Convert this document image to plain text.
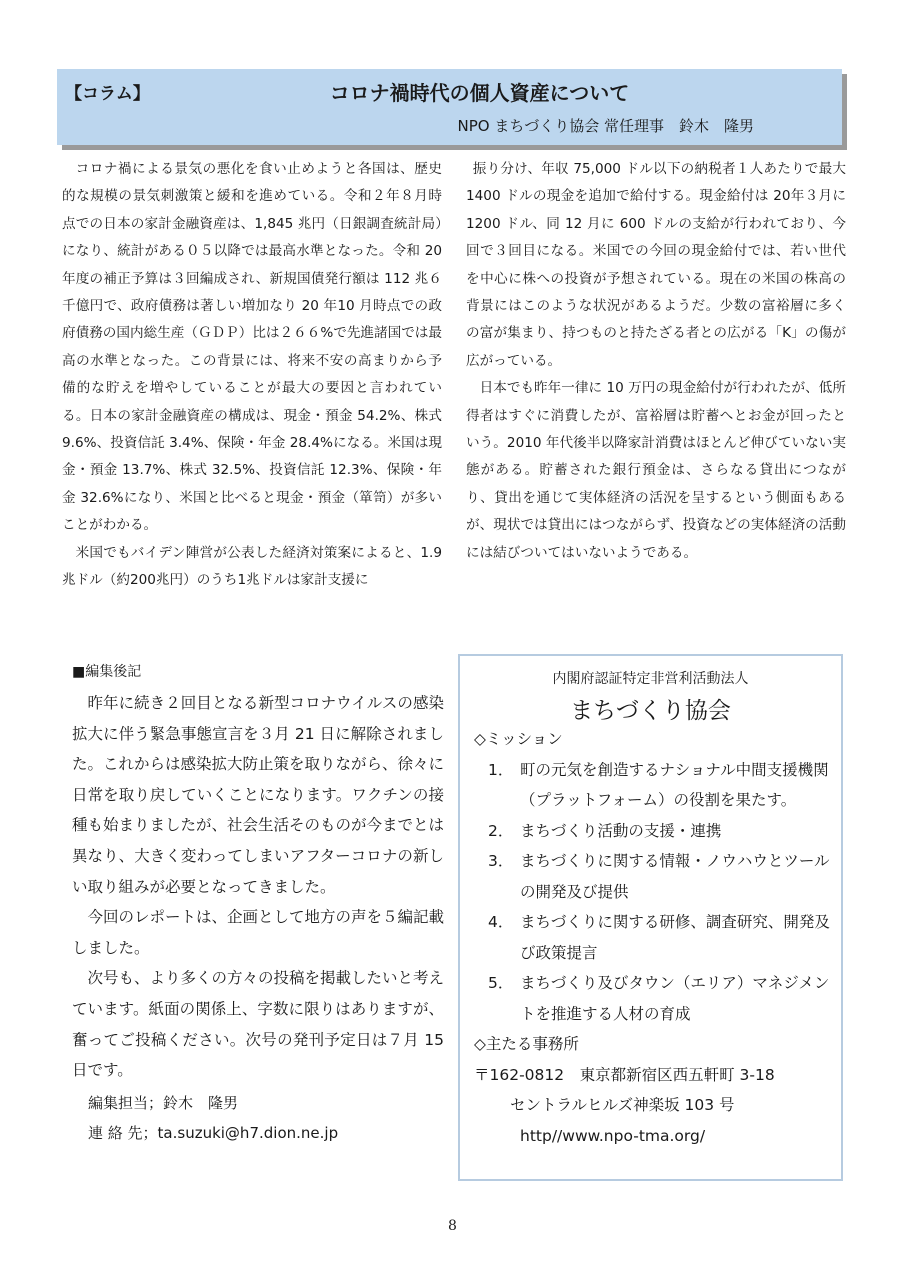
【コラム】	コロナ禍時代の個人資産について
NPO まちづくり協会 常任理事　鈴木　隆男

コロナ禍による景気の悪化を食い止めようと各国は、歴史的な規模の景気刺激策と緩和を進めている。令和２年８月時点での日本の家計金融資産は、1,845 兆円（日銀調査統計局）になり、統計がある０５以降では最高水準となった。令和 20 年度の補正予算は３回編成され、新規国債発行額は 112 兆６千億円で、政府債務は著しい増加なり 20 年10 月時点での政府債務の国内総生産（ＧＤＰ）比は２６６%で先進諸国では最高の水準となった。この背景には、将来不安の高まりから予備的な貯えを増やしていることが最大の要因と言われている。日本の家計金融資産の構成は、現金・預金 54.2%、株式 9.6%、投資信託 3.4%、保険・年金 28.4%になる。米国は現金・預金 13.7%、株式 32.5%、投資信託 12.3%、保険・年金 32.6%になり、米国と比べると現金・預金（箪笥）が多いことがわかる。

米国でもバイデン陣営が公表した経済対策案によると、1.9兆ドル（約200兆円）のうち1兆ドルは家計支援に

振り分け、年収 75,000 ドル以下の納税者１人あたりで最大 1400 ドルの現金を追加で給付する。現金給付は 20年３月に 1200 ドル、同 12 月に 600 ドルの支給が行われており、今回で３回目になる。米国での今回の現金給付では、若い世代を中心に株への投資が予想されている。現在の米国の株高の背景にはこのような状況があるようだ。少数の富裕層に多くの富が集まり、持つものと持たざる者との広がる「K」の傷が広がっている。

日本でも昨年一律に 10 万円の現金給付が行われたが、低所得者はすぐに消費したが、富裕層は貯蓄へとお金が回ったという。2010 年代後半以降家計消費はほとんど伸びていない実態がある。貯蓄された銀行預金は、さらなる貸出につながり、貸出を通じて実体経済の活況を呈するという側面もあるが、現状では貸出にはつながらず、投資などの実体経済の活動には結びついてはいないようである。

■編集後記

昨年に続き２回目となる新型コロナウイルスの感染拡大に伴う緊急事態宣言を３月 21 日に解除されました。これからは感染拡大防止策を取りながら、徐々に日常を取り戻していくことになります。ワクチンの接種も始まりましたが、社会生活そのものが今までとは異なり、大きく変わってしまいアフターコロナの新しい取り組みが必要となってきました。

今回のレポートは、企画として地方の声を５編記載しました。

次号も、より多くの方々の投稿を掲載したいと考えています。紙面の関係上、字数に限りはありますが、奮ってご投稿ください。次号の発刊予定日は７月 15 日です。

編集担当；鈴木　隆男
連 絡 先；ta.suzuki@h7.dion.ne.jp
内閣府認証特定非営利活動法人
まちづくり協会
◇ミッション
1． 町の元気を創造するナショナル中間支援機関（プラットフォーム）の役割を果たす。
2． まちづくり活動の支援・連携
3． まちづくりに関する情報・ノウハウとツールの開発及び提供
4． まちづくりに関する研修、調査研究、開発及び政策提言
5． まちづくり及びタウン（エリア）マネジメントを推進する人材の育成
◇主たる事務所
〒162-0812　東京都新宿区西五軒町 3-18
セントラルヒルズ神楽坂 103 号
http//www.npo-tma.org/
8
